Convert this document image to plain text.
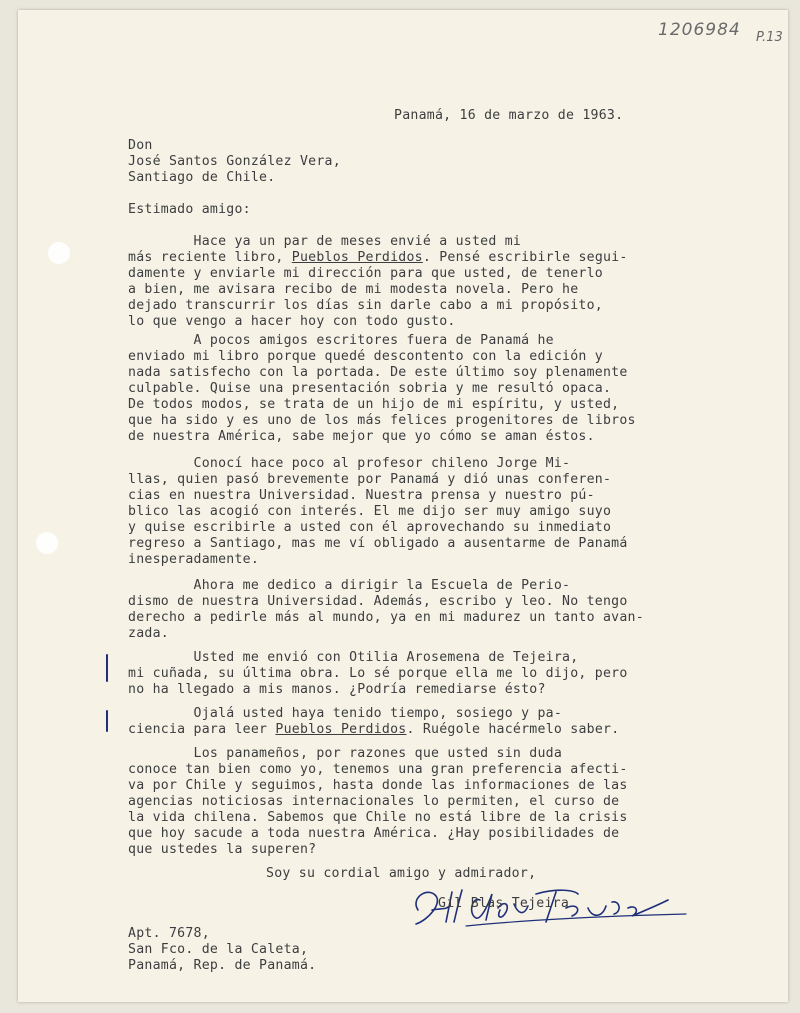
1206984 P.13
Panamá, 16 de marzo de 1963.
Don
José Santos González Vera,
Santiago de Chile.
Estimado amigo:
Hace ya un par de meses envié a usted mi
más reciente libro, Pueblos Perdidos. Pensé escribirle segui-
damente y enviarle mi dirección para que usted, de tenerlo
a bien, me avisara recibo de mi modesta novela. Pero he
dejado transcurrir los días sin darle cabo a mi propósito,
lo que vengo a hacer hoy con todo gusto.
A pocos amigos escritores fuera de Panamá he
enviado mi libro porque quedé descontento con la edición y
nada satisfecho con la portada. De este último soy plenamente
culpable. Quise una presentación sobria y me resultó opaca.
De todos modos, se trata de un hijo de mi espíritu, y usted,
que ha sido y es uno de los más felices progenitores de libros
de nuestra América, sabe mejor que yo cómo se aman éstos.
Conocí hace poco al profesor chileno Jorge Mi-
llas, quien pasó brevemente por Panamá y dió unas conferen-
cias en nuestra Universidad. Nuestra prensa y nuestro pú-
blico las acogió con interés. El me dijo ser muy amigo suyo
y quise escribirle a usted con él aprovechando su inmediato
regreso a Santiago, mas me ví obligado a ausentarme de Panamá
inesperadamente.
Ahora me dedico a dirigir la Escuela de Perio-
dismo de nuestra Universidad. Además, escribo y leo. No tengo
derecho a pedirle más al mundo, ya en mi madurez un tanto avan-
zada.
Usted me envió con Otilia Arosemena de Tejeira,
mi cuñada, su última obra. Lo sé porque ella me lo dijo, pero
no ha llegado a mis manos. ¿Podría remediarse ésto?
Ojalá usted haya tenido tiempo, sosiego y pa-
ciencia para leer Pueblos Perdidos. Ruégole hacérmelo saber.
Los panameños, por razones que usted sin duda
conoce tan bien como yo, tenemos una gran preferencia afecti-
va por Chile y seguimos, hasta donde las informaciones de las
agencias noticiosas internacionales lo permiten, el curso de
la vida chilena. Sabemos que Chile no está libre de la crisis
que hoy sacude a toda nuestra América. ¿Hay posibilidades de
que ustedes la superen?
Soy su cordial amigo y admirador,
Gil Blas Tejeira
Apt. 7678,
San Fco. de la Caleta,
Panamá, Rep. de Panamá.
